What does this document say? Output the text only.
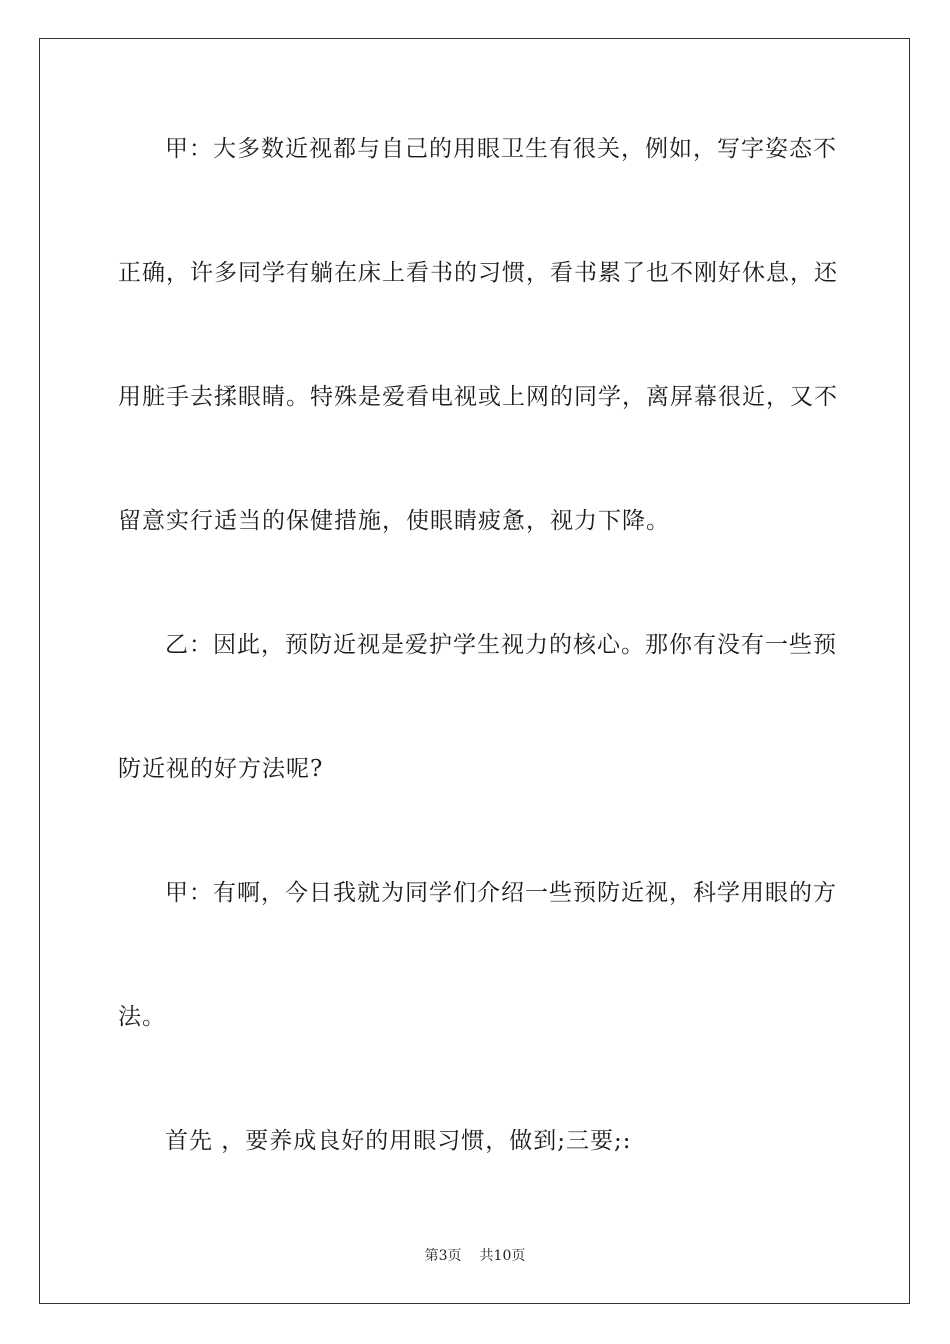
甲：大多数近视都与自己的用眼卫生有很关，例如，写字姿态不
正确，许多同学有躺在床上看书的习惯，看书累了也不刚好休息，还
用脏手去揉眼睛。特殊是爱看电视或上网的同学，离屏幕很近，又不
留意实行适当的保健措施，使眼睛疲惫，视力下降。
乙：因此，预防近视是爱护学生视力的核心。那你有没有一些预
防近视的好方法呢?
甲：有啊，今日我就为同学们介绍一些预防近视，科学用眼的方
法。
首先 ，要养成良好的用眼习惯，做到;三要;:
第3页 共10页
